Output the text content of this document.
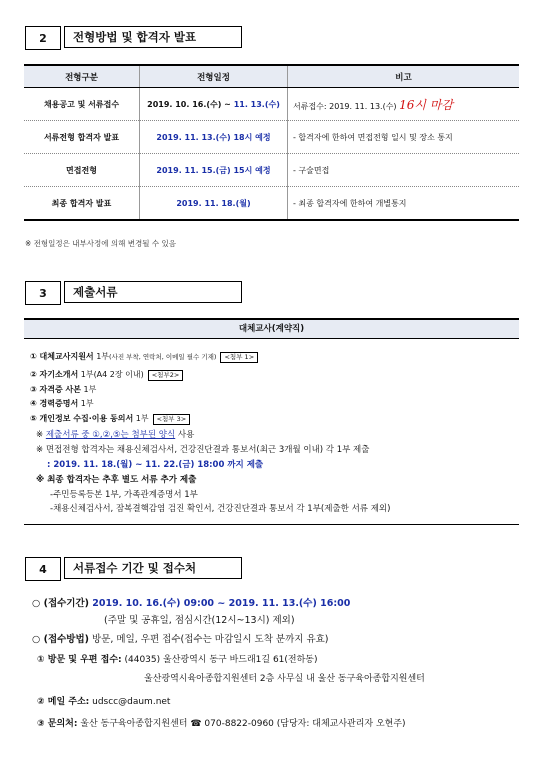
2	전형방법 및 합격자 발표
전형구분	전형일정	비고
채용공고 및 서류접수	2019. 10. 16.(수) ~ 11. 13.(수)	서류접수: 2019. 11. 13.(수) 16시 마감
서류전형 합격자 발표	2019. 11. 13.(수) 18시 예정	- 합격자에 한하여 면접전형 일시 및 장소 통지
면접전형	2019. 11. 15.(금) 15시 예정	- 구술면접
최종 합격자 발표	2019. 11. 18.(월)	- 최종 합격자에 한하여 개별통지
※ 전형일정은 내부사정에 의해 변경될 수 있음
3	제출서류
대체교사(계약직)
① 대체교사지원서 1부(사진 부착, 연락처, 이메일 필수 기재) <첨부 1>
② 자기소개서 1부(A4 2장 이내) <첨부2>
③ 자격증 사본 1부
④ 경력증명서 1부
⑤ 개인정보 수집·이용 동의서 1부 <첨부 3>
※ 제출서류 중 ①,②,⑤는 첨부된 양식 사용
※ 면접전형 합격자는 채용신체검사서, 건강진단결과 통보서(최근 3개월 이내) 각 1부 제출
: 2019. 11. 18.(월) ~ 11. 22.(금) 18:00 까지 제출
※ 최종 합격자는 추후 별도 서류 추가 제출
-주민등록등본 1부, 가족관계증명서 1부
-채용신체검사서, 잠복결핵감염 검진 확인서, 건강진단결과 통보서 각 1부(제출한 서류 제외)
4	서류접수 기간 및 접수처
○ (접수기간) 2019. 10. 16.(수) 09:00 ~ 2019. 11. 13.(수) 16:00
(주말 및 공휴일, 점심시간(12시~13시) 제외)
○ (접수방법) 방문, 메일, 우편 접수(접수는 마감일시 도착 분까지 유효)
① 방문 및 우편 접수: (44035) 울산광역시 동구 바드래1길 61(전하동)
울산광역시육아종합지원센터 2층 사무실 내 울산 동구육아종합지원센터
② 메일 주소: udscc@daum.net
③ 문의처: 울산 동구육아종합지원센터 ☎ 070-8822-0960 (담당자: 대체교사관리자 오현주)
